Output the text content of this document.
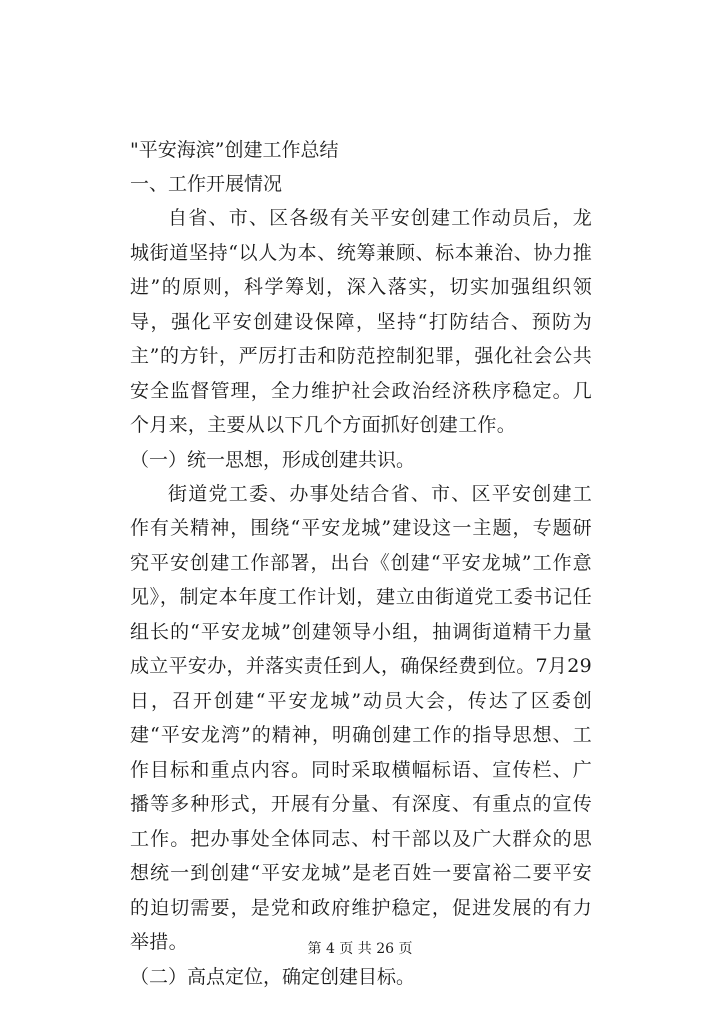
"平安海滨”创建工作总结

一、工作开展情况

自省、市、区各级有关平安创建工作动员后，龙城街道坚持“以人为本、统筹兼顾、标本兼治、协力推进”的原则，科学筹划，深入落实，切实加强组织领导，强化平安创建设保障，坚持“打防结合、预防为主”的方针，严厉打击和防范控制犯罪，强化社会公共安全监督管理，全力维护社会政治经济秩序稳定。几个月来，主要从以下几个方面抓好创建工作。

（一）统一思想，形成创建共识。

街道党工委、办事处结合省、市、区平安创建工作有关精神，围绕“平安龙城”建设这一主题，专题研究平安创建工作部署，出台《创建“平安龙城”工作意见》，制定本年度工作计划，建立由街道党工委书记任组长的“平安龙城”创建领导小组，抽调街道精干力量成立平安办，并落实责任到人，确保经费到位。7月29日，召开创建“平安龙城”动员大会，传达了区委创建“平安龙湾”的精神，明确创建工作的指导思想、工作目标和重点内容。同时采取横幅标语、宣传栏、广播等多种形式，开展有分量、有深度、有重点的宣传工作。把办事处全体同志、村干部以及广大群众的思想统一到创建“平安龙城”是老百姓一要富裕二要平安的迫切需要，是党和政府维护稳定，促进发展的有力举措。

（二）高点定位，确定创建目标。

第 4 页 共 26 页
